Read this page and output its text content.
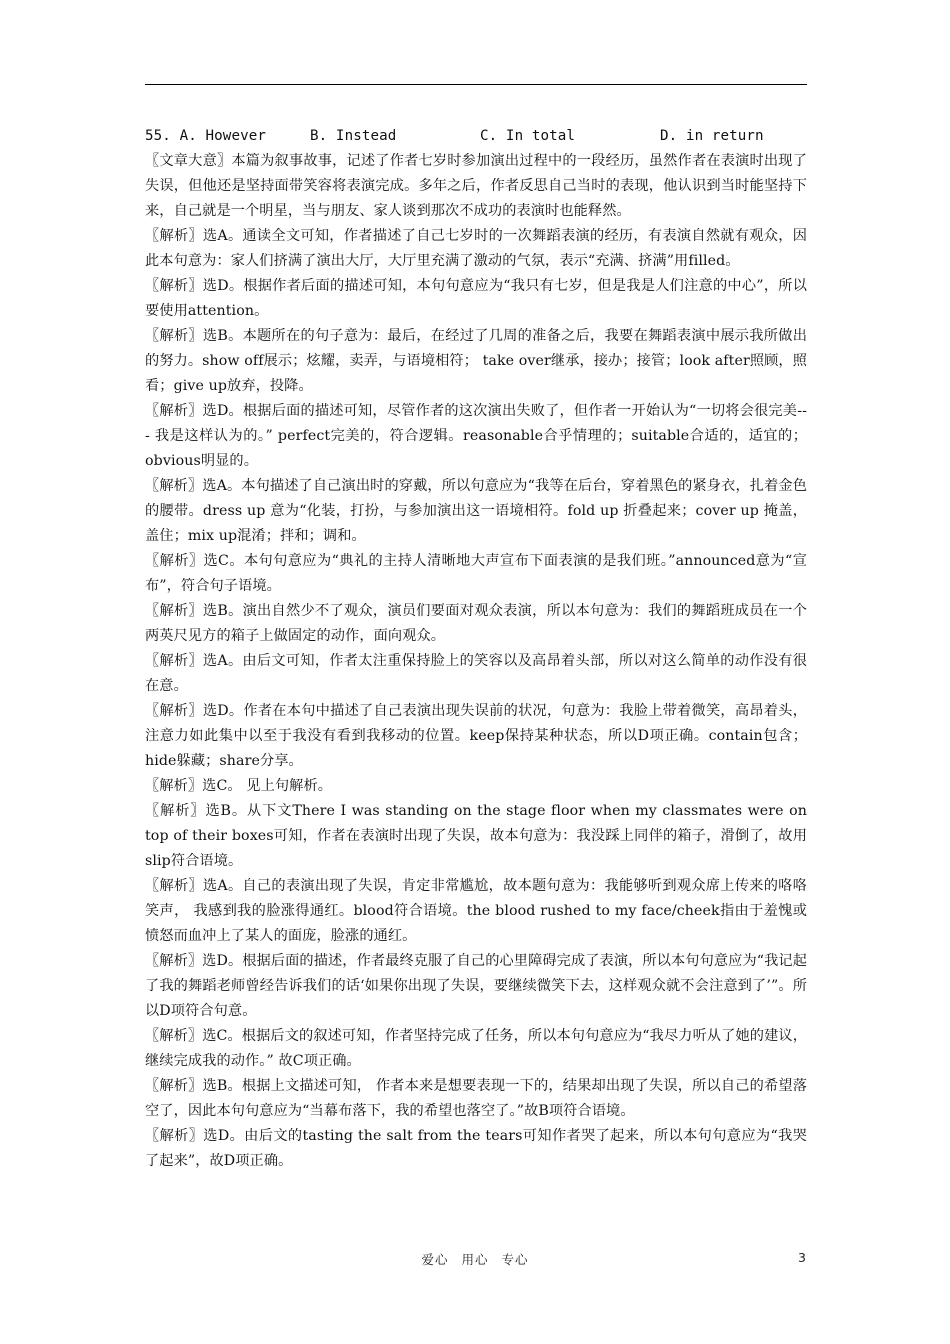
55. A. However	B. Instead	C. In total	D. in return

〖文章大意〗本篇为叙事故事，记述了作者七岁时参加演出过程中的一段经历，虽然作者在表演时出现了失误，但他还是坚持面带笑容将表演完成。多年之后，作者反思自己当时的表现，他认识到当时能坚持下来，自己就是一个明星，当与朋友、家人谈到那次不成功的表演时也能释然。

〖解析〗选A。通读全文可知，作者描述了自己七岁时的一次舞蹈表演的经历，有表演自然就有观众，因此本句意为：家人们挤满了演出大厅，大厅里充满了激动的气氛，表示“充满、挤满”用filled。

〖解析〗选D。根据作者后面的描述可知，本句句意应为“我只有七岁，但是我是人们注意的中心”，所以要使用attention。

〖解析〗选B。本题所在的句子意为：最后，在经过了几周的准备之后，我要在舞蹈表演中展示我所做出的努力。show off展示；炫耀，卖弄，与语境相符； take over继承，接办；接管；look after照顾，照看；give up放弃，投降。

〖解析〗选D。根据后面的描述可知，尽管作者的这次演出失败了，但作者一开始认为“一切将会很完美--- 我是这样认为的。” perfect完美的，符合逻辑。reasonable合乎情理的；suitable合适的，适宜的；obvious明显的。

〖解析〗选A。本句描述了自己演出时的穿戴，所以句意应为“我等在后台，穿着黑色的紧身衣，扎着金色的腰带。dress up 意为“化装，打扮，与参加演出这一语境相符。fold up 折叠起来；cover up 掩盖，盖住；mix up混淆；拌和；调和。

〖解析〗选C。本句句意应为“典礼的主持人清晰地大声宣布下面表演的是我们班。”announced意为“宣布”，符合句子语境。

〖解析〗选B。演出自然少不了观众，演员们要面对观众表演，所以本句意为：我们的舞蹈班成员在一个两英尺见方的箱子上做固定的动作，面向观众。

〖解析〗选A。由后文可知，作者太注重保持脸上的笑容以及高昂着头部，所以对这么简单的动作没有很在意。

〖解析〗选D。作者在本句中描述了自己表演出现失误前的状况，句意为：我脸上带着微笑，高昂着头，注意力如此集中以至于我没有看到我移动的位置。keep保持某种状态，所以D项正确。contain包含；hide躲藏；share分享。

〖解析〗选C。 见上句解析。

〖解析〗选B。从下文There I was standing on the stage floor when my classmates were on top of their boxes可知，作者在表演时出现了失误，故本句意为：我没踩上同伴的箱子，滑倒了，故用slip符合语境。

〖解析〗选A。自己的表演出现了失误，肯定非常尴尬，故本题句意为：我能够听到观众席上传来的咯咯笑声， 我感到我的脸涨得通红。blood符合语境。the blood rushed to my face/cheek指由于羞愧或愤怒而血冲上了某人的面庞，脸涨的通红。

〖解析〗选D。根据后面的描述，作者最终克服了自己的心里障碍完成了表演，所以本句句意应为“我记起了我的舞蹈老师曾经告诉我们的话‘如果你出现了失误，要继续微笑下去，这样观众就不会注意到了’”。所以D项符合句意。

〖解析〗选C。根据后文的叙述可知，作者坚持完成了任务，所以本句句意应为“我尽力听从了她的建议，继续完成我的动作。” 故C项正确。

〖解析〗选B。根据上文描述可知， 作者本来是想要表现一下的，结果却出现了失误，所以自己的希望落空了，因此本句句意应为“当幕布落下，我的希望也落空了。”故B项符合语境。

〖解析〗选D。由后文的tasting the salt from the tears可知作者哭了起来，所以本句句意应为“我哭了起来”，故D项正确。

爱心 用心 专心	3
